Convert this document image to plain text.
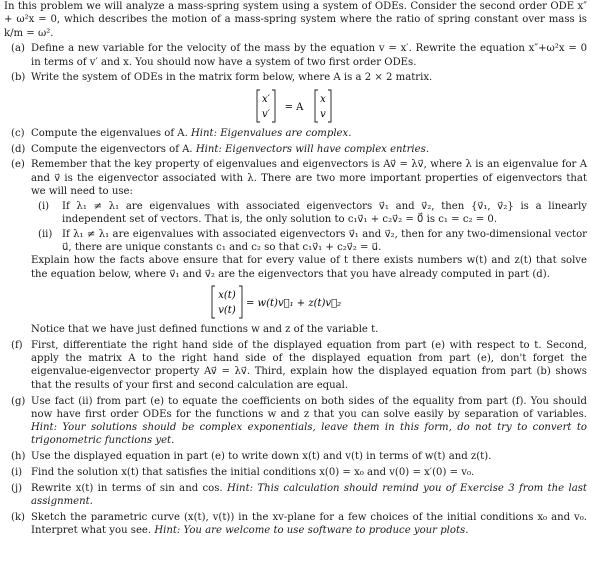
In this problem we will analyze a mass-spring system using a system of ODEs. Consider the second order ODE x″ + ω²x = 0, which describes the motion of a mass-spring system where the ratio of spring constant over mass is k/m = ω².

(a) Define a new variable for the velocity of the mass by the equation v = x′. Rewrite the equation x″+ω²x = 0 in terms of v′ and x. You should now have a system of two first order ODEs.
(b) Write the system of ODEs in the matrix form below, where A is a 2 × 2 matrix.
x′
v′
= A
x
v
(c) Compute the eigenvalues of A. Hint: Eigenvalues are complex.
(d) Compute the eigenvectors of A. Hint: Eigenvectors will have complex entries.
(e) Remember that the key property of eigenvalues and eigenvectors is Av⃗ = λv⃗, where λ is an eigenvalue for A and v⃗ is the eigenvector associated with λ. There are two more important properties of eigenvectors that we will need to use:
(i) If λ₁ ≠ λ₁ are eigenvalues with associated eigenvectors v⃗₁ and v⃗₂, then {v⃗₁, v⃗₂} is a linearly independent set of vectors. That is, the only solution to c₁v⃗₁ + c₂v⃗₂ = 0⃗ is c₁ = c₂ = 0.
(ii) If λ₁ ≠ λ₁ are eigenvalues with associated eigenvectors v⃗₁ and v⃗₂, then for any two-dimensional vector u⃗, there are unique constants c₁ and c₂ so that c₁v⃗₁ + c₂v⃗₂ = u⃗.
Explain how the facts above ensure that for every value of t there exists numbers w(t) and z(t) that solve the equation below, where v⃗₁ and v⃗₂ are the eigenvectors that you have already computed in part (d).
x(t)
v(t)
= w(t)v⃗₁ + z(t)v⃗₂
Notice that we have just defined functions w and z of the variable t.
(f) First, differentiate the right hand side of the displayed equation from part (e) with respect to t. Second, apply the matrix A to the right hand side of the displayed equation from part (e), don't forget the eigenvalue-eigenvector property Av⃗ = λv⃗. Third, explain how the displayed equation from part (b) shows that the results of your first and second calculation are equal.
(g) Use fact (ii) from part (e) to equate the coefficients on both sides of the equality from part (f). You should now have first order ODEs for the functions w and z that you can solve easily by separation of variables. Hint: Your solutions should be complex exponentials, leave them in this form, do not try to convert to trigonometric functions yet.
(h) Use the displayed equation in part (e) to write down x(t) and v(t) in terms of w(t) and z(t).
(i) Find the solution x(t) that satisfies the initial conditions x(0) = x₀ and v(0) = x′(0) = v₀.
(j) Rewrite x(t) in terms of sin and cos. Hint: This calculation should remind you of Exercise 3 from the last assignment.
(k) Sketch the parametric curve (x(t), v(t)) in the xv-plane for a few choices of the initial conditions x₀ and v₀. Interpret what you see. Hint: You are welcome to use software to produce your plots.
